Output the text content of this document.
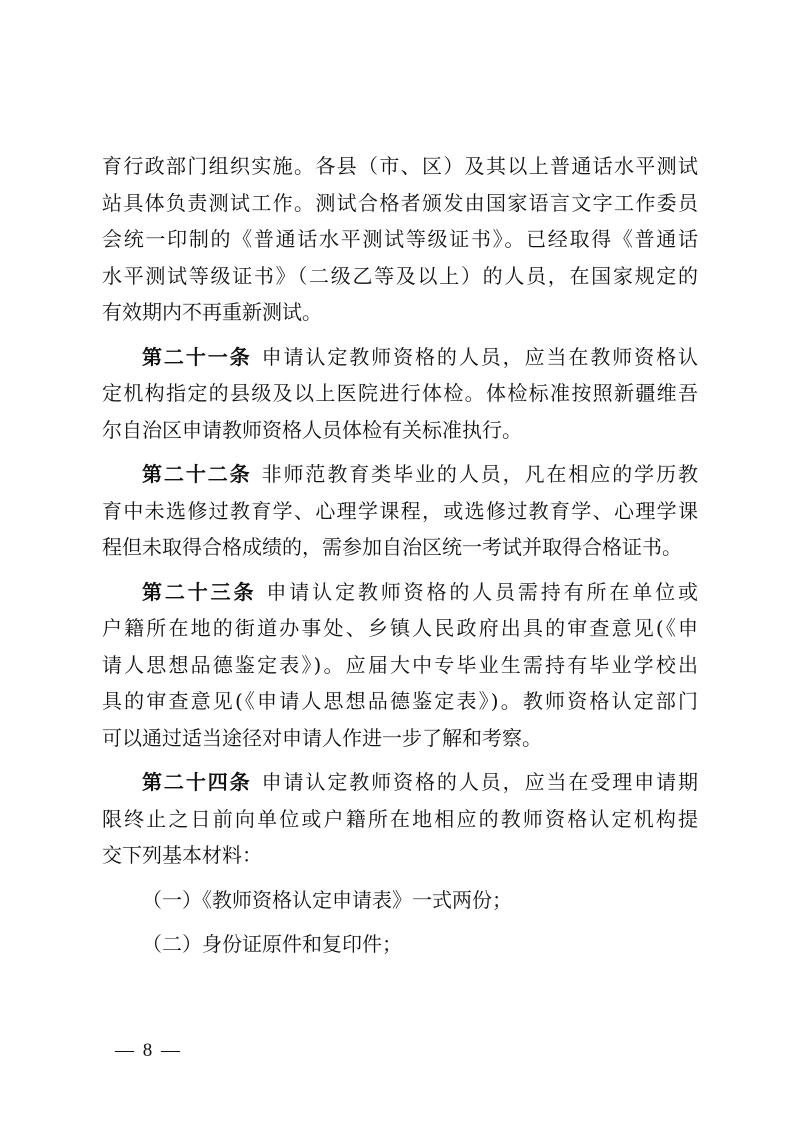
育行政部门组织实施。各县（市、区）及其以上普通话水平测试
站具体负责测试工作。测试合格者颁发由国家语言文字工作委员
会统一印制的《普通话水平测试等级证书》。已经取得《普通话
水平测试等级证书》（二级乙等及以上）的人员，在国家规定的
有效期内不再重新测试。
第二十一条 申请认定教师资格的人员，应当在教师资格认
定机构指定的县级及以上医院进行体检。体检标准按照新疆维吾
尔自治区申请教师资格人员体检有关标准执行。
第二十二条 非师范教育类毕业的人员，凡在相应的学历教
育中未选修过教育学、心理学课程，或选修过教育学、心理学课
程但未取得合格成绩的，需参加自治区统一考试并取得合格证书。
第二十三条 申请认定教师资格的人员需持有所在单位或
户籍所在地的街道办事处、乡镇人民政府出具的审查意见(《申
请人思想品德鉴定表》)。应届大中专毕业生需持有毕业学校出
具的审查意见(《申请人思想品德鉴定表》)。教师资格认定部门
可以通过适当途径对申请人作进一步了解和考察。
第二十四条 申请认定教师资格的人员，应当在受理申请期
限终止之日前向单位或户籍所在地相应的教师资格认定机构提
交下列基本材料：
（一）《教师资格认定申请表》一式两份；
（二）身份证原件和复印件；
— 8 —
